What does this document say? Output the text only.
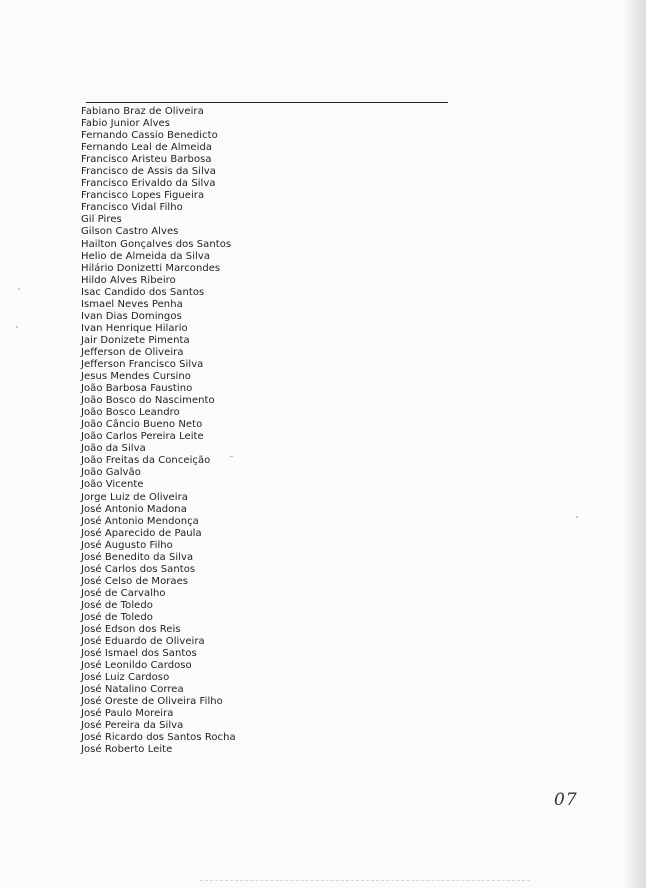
Fabiano Braz de Oliveira
Fabio Junior Alves
Fernando Cassio Benedicto
Fernando Leal de Almeida
Francisco Aristeu Barbosa
Francisco de Assis da Silva
Francisco Erivaldo da Silva
Francisco Lopes Figueira
Francisco Vidal Filho
Gil Pires
Gilson Castro Alves
Hailton Gonçalves dos Santos
Helio de Almeida da Silva
Hilário Donizetti Marcondes
Hildo Alves Ribeiro
Isac Candido dos Santos
Ismael Neves Penha
Ivan Dias Domingos
Ivan Henrique Hilario
Jair Donizete Pimenta
Jefferson de Oliveira
Jefferson Francisco Silva
Jesus Mendes Cursino
João Barbosa Faustino
João Bosco do Nascimento
João Bosco Leandro
João Câncio Bueno Neto
João Carlos Pereira Leite
João da Silva
João Freitas da Conceição
João Galvão
João Vicente
Jorge Luiz de Oliveira
José Antonio Madona
José Antonio Mendonça
José Aparecido de Paula
José Augusto Filho
José Benedito da Silva
José Carlos dos Santos
José Celso de Moraes
José de Carvalho
José de Toledo
José de Toledo
José Edson dos Reis
José Eduardo de Oliveira
José Ismael dos Santos
José Leonildo Cardoso
José Luiz Cardoso
José Natalino Correa
José Oreste de Oliveira Filho
José Paulo Moreira
José Pereira da Silva
José Ricardo dos Santos Rocha
José Roberto Leite
07
